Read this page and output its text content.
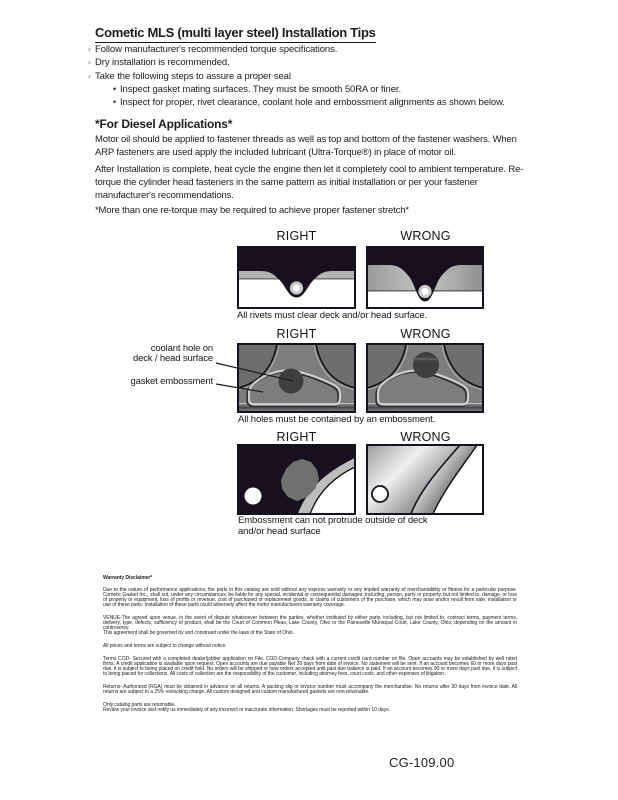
Cometic MLS (multi layer steel) Installation Tips
◦ Follow manufacturer's recommended torque specifications.
◦ Dry installation is recommended.
◦ Take the following steps to assure a proper seal
• Inspect gasket mating surfaces. They must be smooth 50RA or finer.
• Inspect for proper, rivet clearance, coolant hole and embossment alignments as shown below.
*For Diesel Applications*
Motor oil should be applied to fastener threads as well as top and bottom of the fastener washers. When ARP fasteners are used apply the included lubricant (Ultra-Torque®) in place of motor oil.
After Installation is complete, heat cycle the engine then let it completely cool to ambient temperature. Re-torque the cylinder head fasteners in the same pattern as initial installation or per your fastener manufacturer's recommendations.
*More than one re-torque may be required to achieve proper fastener stretch*
RIGHT	WRONG
All rivets must clear deck and/or head surface.
RIGHT	WRONG
coolant hole on
deck / head surface
gasket embossment
All holes must be contained by an embossment.
RIGHT	WRONG
Embossment can not protrude outside of deck
and/or head surface
Warranty Disclaimer*

Due to the nature of performance applications, the parts in this catalog are sold without any express warranty or any implied warranty of merchantability or fitness for a particular purpose. Cometic Gasket Inc., shall not, under any circumstances, be liable for any special, incidental or consequential damages, including, person, party or property, but not limited to, damage, or loss of property or equipment, loss of profits or revenue, cost of purchased or replacement goods, or claims of customers of the purchase, which may arise and/or result from sale, installation or use of these parts. Installation of these parts could adversely affect the motor manufacturers warranty coverage.

VENUE-The agreed upon venue, in the event of dispute whatsoever between the parties, whether instituted by either party, including, but not limited to, contract terms, payment terms, delivery, type, defects, sufficiency of product, shall be the Court of Common Pleas, Lake County, Ohio or the Painesville Municipal Court, Lake County, Ohio, depending on the amount in controversy.
This agreement shall be governed by and construed under the laws of the State of Ohio.

All prices and terms are subject to change without notice.

Terms COD- Secured with a completed dealer/jobber application on File, COD-Company check with a current credit card number on file. Open accounts may be established by well rated firms. A credit application is available upon request. Open accounts are due payable Net 30 days from date of invoice. No statement will be sent. If an account becomes 60 or more days past due, it is subject to being placed on credit hold. No orders will be shipped or new orders accepted until past due balance is paid. If an account becomes 90 or more days past due, it is subject to being placed for collections. All costs of collection are the responsibility of the customer, including attorney fees, court costs, and other expenses of litigation.

Returns- Authorized (RGA) must be obtained in advance on all returns. A packing slip or invoice number must accompany the merchandise. No returns after 30 days from invoice date. All returns are subject to a 25% restocking charge. All custom designed and custom manufactured gaskets are non-returnable.

Only catalog parts are returnable.
Review your invoice and notify us immediately of any incorrect or inaccurate information. Shortages must be reported within 10 days.

CG-109.00
